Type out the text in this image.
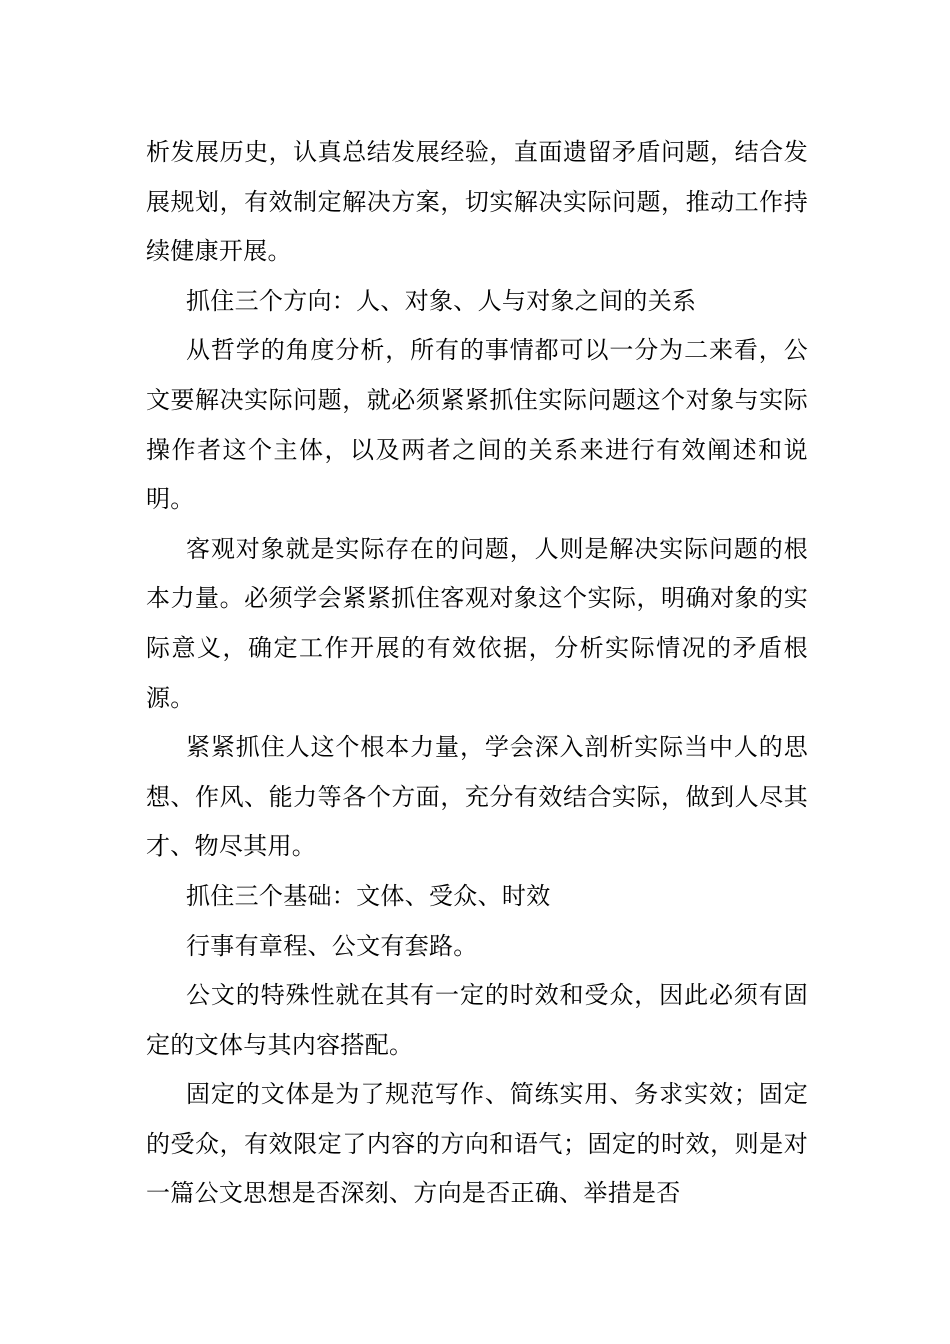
析发展历史，认真总结发展经验，直面遗留矛盾问题，结合发展规划，有效制定解决方案，切实解决实际问题，推动工作持续健康开展。

抓住三个方向：人、对象、人与对象之间的关系

从哲学的角度分析，所有的事情都可以一分为二来看，公文要解决实际问题，就必须紧紧抓住实际问题这个对象与实际操作者这个主体，以及两者之间的关系来进行有效阐述和说明。

客观对象就是实际存在的问题，人则是解决实际问题的根本力量。必须学会紧紧抓住客观对象这个实际，明确对象的实际意义，确定工作开展的有效依据，分析实际情况的矛盾根源。

紧紧抓住人这个根本力量，学会深入剖析实际当中人的思想、作风、能力等各个方面，充分有效结合实际，做到人尽其才、物尽其用。

抓住三个基础：文体、受众、时效

行事有章程、公文有套路。

公文的特殊性就在其有一定的时效和受众，因此必须有固定的文体与其内容搭配。

固定的文体是为了规范写作、简练实用、务求实效；固定的受众，有效限定了内容的方向和语气；固定的时效，则是对一篇公文思想是否深刻、方向是否正确、举措是否
